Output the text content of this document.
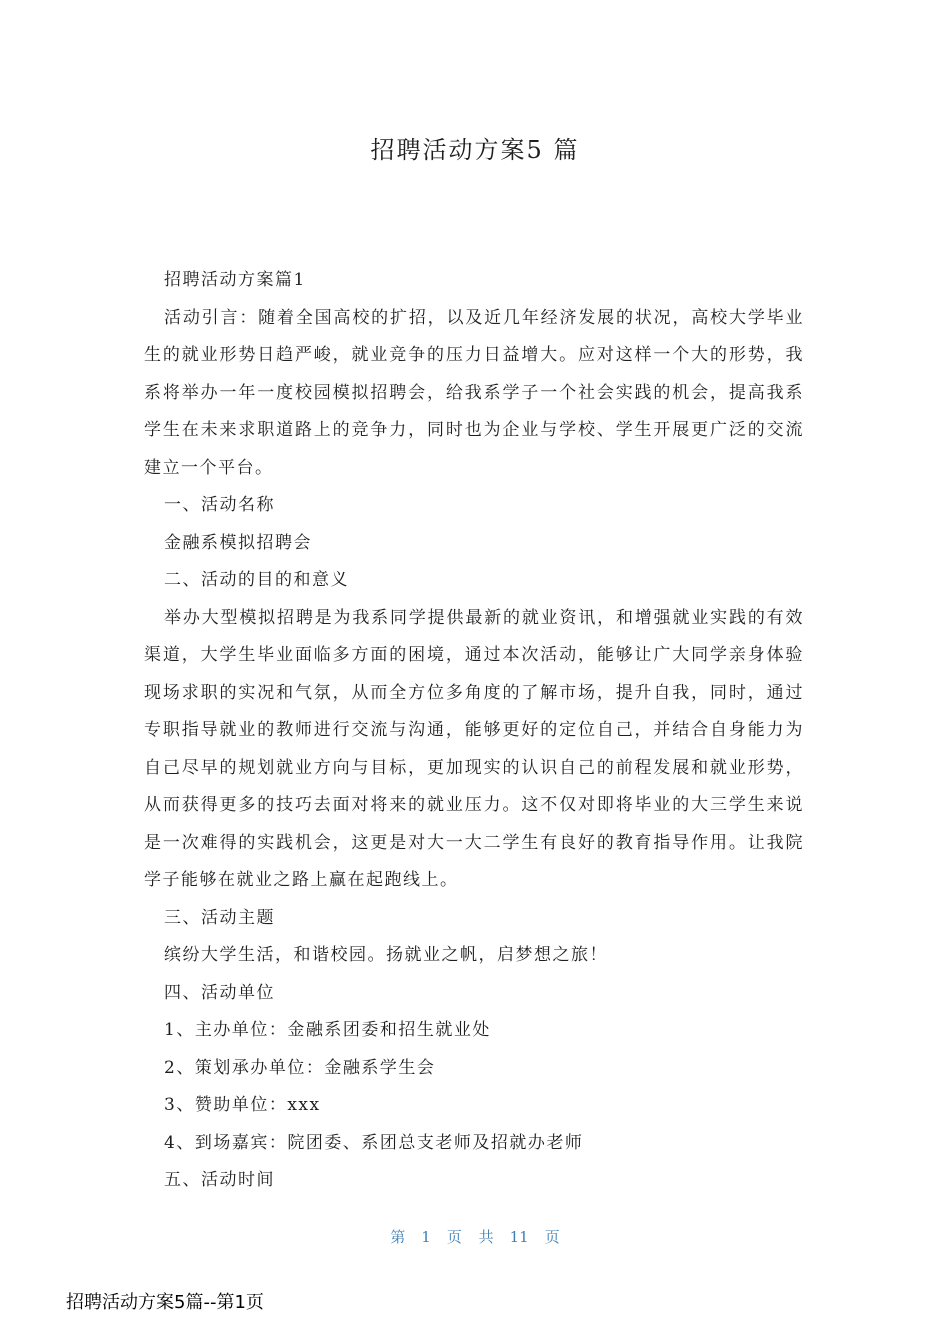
招聘活动方案5 篇

招聘活动方案篇1

活动引言：随着全国高校的扩招，以及近几年经济发展的状况，高校大学毕业生的就业形势日趋严峻，就业竞争的压力日益增大。应对这样一个大的形势，我系将举办一年一度校园模拟招聘会，给我系学子一个社会实践的机会，提高我系学生在未来求职道路上的竞争力，同时也为企业与学校、学生开展更广泛的交流建立一个平台。

一、活动名称

金融系模拟招聘会

二、活动的目的和意义

举办大型模拟招聘是为我系同学提供最新的就业资讯，和增强就业实践的有效渠道，大学生毕业面临多方面的困境，通过本次活动，能够让广大同学亲身体验现场求职的实况和气氛，从而全方位多角度的了解市场，提升自我，同时，通过专职指导就业的教师进行交流与沟通，能够更好的定位自己，并结合自身能力为自己尽早的规划就业方向与目标，更加现实的认识自己的前程发展和就业形势，从而获得更多的技巧去面对将来的就业压力。这不仅对即将毕业的大三学生来说是一次难得的实践机会，这更是对大一大二学生有良好的教育指导作用。让我院学子能够在就业之路上赢在起跑线上。

三、活动主题

缤纷大学生活，和谐校园。扬就业之帆，启梦想之旅！

四、活动单位

1、主办单位：金融系团委和招生就业处

2、策划承办单位：金融系学生会

3、赞助单位：xxx

4、到场嘉宾：院团委、系团总支老师及招就办老师

五、活动时间

第 1 页 共 11 页
招聘活动方案5篇--第1页
